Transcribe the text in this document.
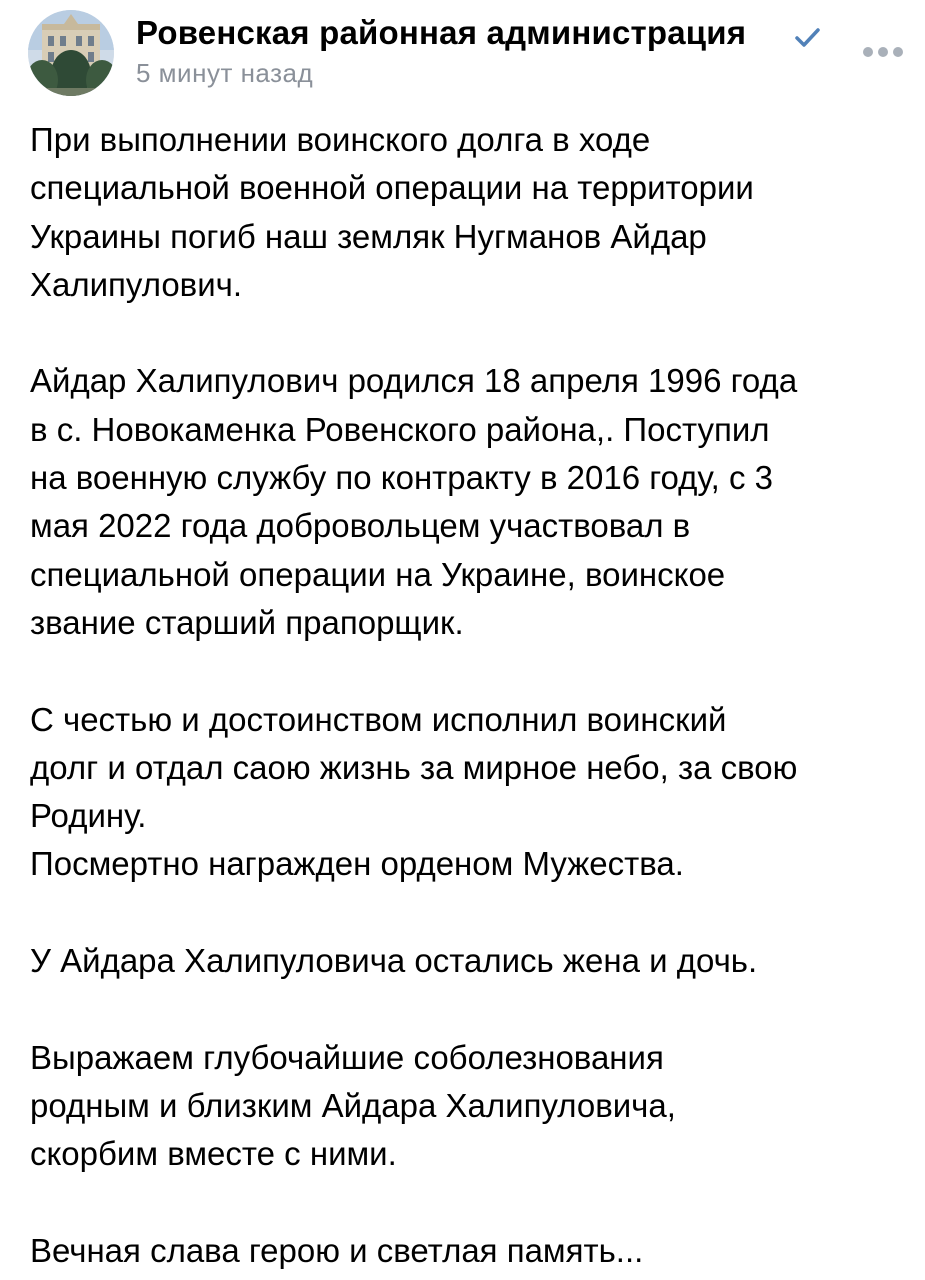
Ровенская районная администрация
5 минут назад

При выполнении воинского долга в ходе
специальной военной операции на территории
Украины погиб наш земляк Нугманов Айдар
Халипулович.

Айдар Халипулович родился 18 апреля 1996 года
в с. Новокаменка Ровенского района,. Поступил
на военную службу по контракту в 2016 году, с 3
мая 2022 года добровольцем участвовал в
специальной операции на Украине, воинское
звание старший прапорщик.

С честью и достоинством исполнил воинский
долг и отдал саою жизнь за мирное небо, за свою
Родину.
Посмертно награжден орденом Мужества.

У Айдара Халипуловича остались жена и дочь.

Выражаем глубочайшие соболезнования
родным и близким Айдара Халипуловича,
скорбим вместе с ними.

Вечная слава герою и светлая память...
